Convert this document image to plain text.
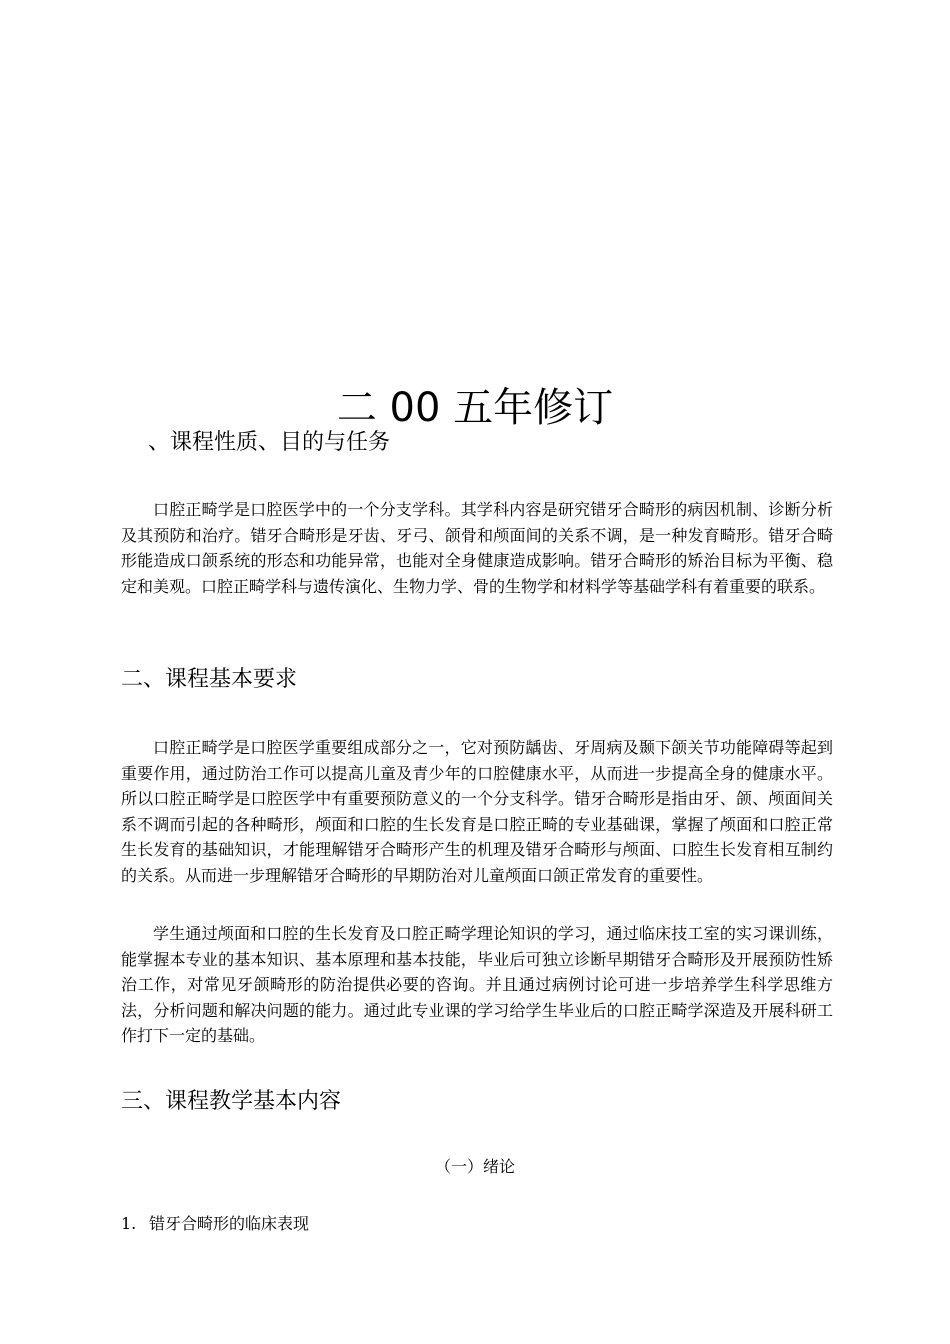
二 00 五年修订
、课程性质、目的与任务

口腔正畸学是口腔医学中的一个分支学科。其学科内容是研究错牙合畸形的病因机制、诊断分析及其预防和治疗。错牙合畸形是牙齿、牙弓、颌骨和颅面间的关系不调，是一种发育畸形。错牙合畸形能造成口颌系统的形态和功能异常，也能对全身健康造成影响。错牙合畸形的矫治目标为平衡、稳定和美观。口腔正畸学科与遗传演化、生物力学、骨的生物学和材料学等基础学科有着重要的联系。

二、课程基本要求

口腔正畸学是口腔医学重要组成部分之一，它对预防龋齿、牙周病及颞下颌关节功能障碍等起到重要作用，通过防治工作可以提高儿童及青少年的口腔健康水平，从而进一步提高全身的健康水平。所以口腔正畸学是口腔医学中有重要预防意义的一个分支科学。错牙合畸形是指由牙、颌、颅面间关系不调而引起的各种畸形，颅面和口腔的生长发育是口腔正畸的专业基础课，掌握了颅面和口腔正常生长发育的基础知识，才能理解错牙合畸形产生的机理及错牙合畸形与颅面、口腔生长发育相互制约的关系。从而进一步理解错牙合畸形的早期防治对儿童颅面口颌正常发育的重要性。

学生通过颅面和口腔的生长发育及口腔正畸学理论知识的学习，通过临床技工室的实习课训练，能掌握本专业的基本知识、基本原理和基本技能，毕业后可独立诊断早期错牙合畸形及开展预防性矫治工作，对常见牙颌畸形的防治提供必要的咨询。并且通过病例讨论可进一步培养学生科学思维方法，分析问题和解决问题的能力。通过此专业课的学习给学生毕业后的口腔正畸学深造及开展科研工作打下一定的基础。

三、课程教学基本内容

（一）绪论

1. 错牙合畸形的临床表现
